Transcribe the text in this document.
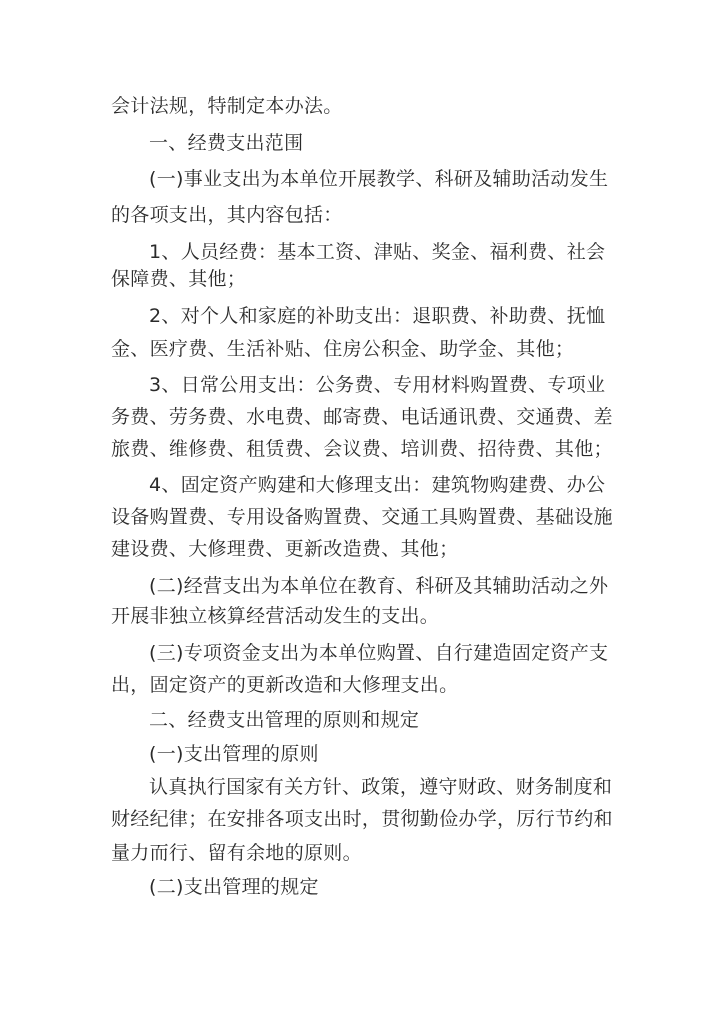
会计法规，特制定本办法。
一、经费支出范围
(一)事业支出为本单位开展教学、科研及辅助活动发生
的各项支出，其内容包括：
1、人员经费：基本工资、津贴、奖金、福利费、社会
保障费、其他；
2、对个人和家庭的补助支出：退职费、补助费、抚恤
金、医疗费、生活补贴、住房公积金、助学金、其他；
3、日常公用支出：公务费、专用材料购置费、专项业
务费、劳务费、水电费、邮寄费、电话通讯费、交通费、差
旅费、维修费、租赁费、会议费、培训费、招待费、其他；
4、固定资产购建和大修理支出：建筑物购建费、办公
设备购置费、专用设备购置费、交通工具购置费、基础设施
建设费、大修理费、更新改造费、其他；
(二)经营支出为本单位在教育、科研及其辅助活动之外
开展非独立核算经营活动发生的支出。
(三)专项资金支出为本单位购置、自行建造固定资产支
出，固定资产的更新改造和大修理支出。
二、经费支出管理的原则和规定
(一)支出管理的原则
认真执行国家有关方针、政策，遵守财政、财务制度和
财经纪律；在安排各项支出时，贯彻勤俭办学，厉行节约和
量力而行、留有余地的原则。
(二)支出管理的规定
